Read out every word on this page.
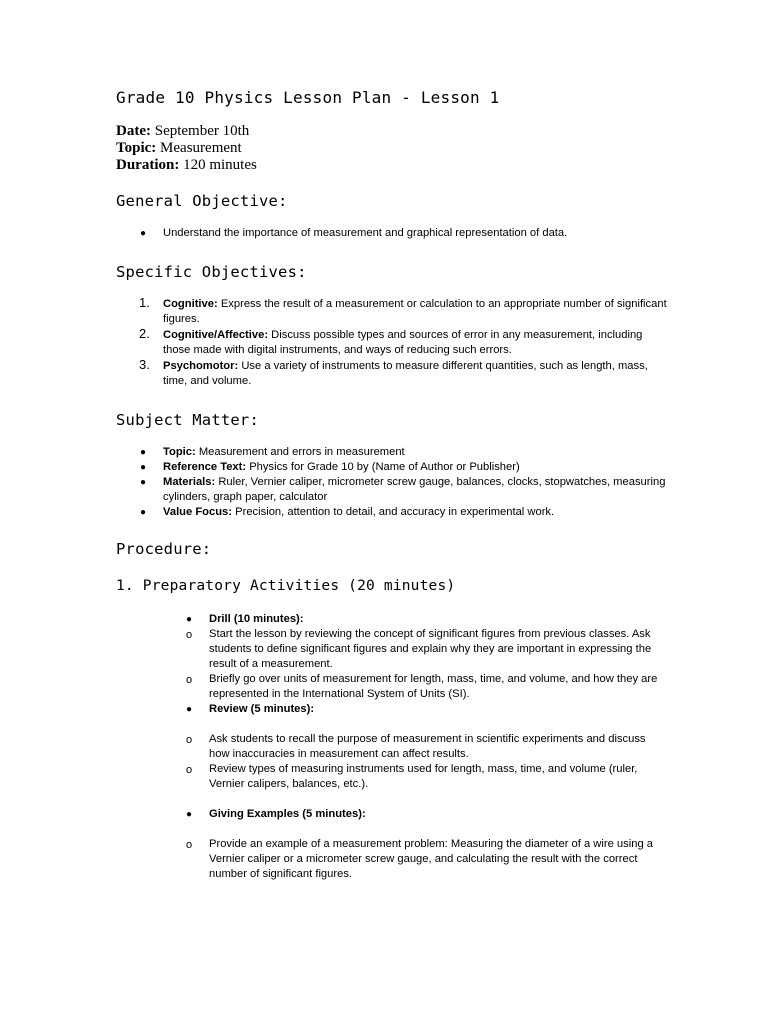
Grade 10 Physics Lesson Plan - Lesson 1
Date: September 10th
Topic: Measurement
Duration: 120 minutes
General Objective:
● Understand the importance of measurement and graphical representation of data.
Specific Objectives:
1. Cognitive: Express the result of a measurement or calculation to an appropriate number of significant figures.
2. Cognitive/Affective: Discuss possible types and sources of error in any measurement, including those made with digital instruments, and ways of reducing such errors.
3. Psychomotor: Use a variety of instruments to measure different quantities, such as length, mass, time, and volume.
Subject Matter:
● Topic: Measurement and errors in measurement
● Reference Text: Physics for Grade 10 by (Name of Author or Publisher)
● Materials: Ruler, Vernier caliper, micrometer screw gauge, balances, clocks, stopwatches, measuring cylinders, graph paper, calculator
● Value Focus: Precision, attention to detail, and accuracy in experimental work.
Procedure:
1. Preparatory Activities (20 minutes)
● Drill (10 minutes):
o Start the lesson by reviewing the concept of significant figures from previous classes. Ask students to define significant figures and explain why they are important in expressing the result of a measurement.
o Briefly go over units of measurement for length, mass, time, and volume, and how they are represented in the International System of Units (SI).
● Review (5 minutes):
o Ask students to recall the purpose of measurement in scientific experiments and discuss how inaccuracies in measurement can affect results.
o Review types of measuring instruments used for length, mass, time, and volume (ruler, Vernier calipers, balances, etc.).
● Giving Examples (5 minutes):
o Provide an example of a measurement problem: Measuring the diameter of a wire using a Vernier caliper or a micrometer screw gauge, and calculating the result with the correct number of significant figures.
